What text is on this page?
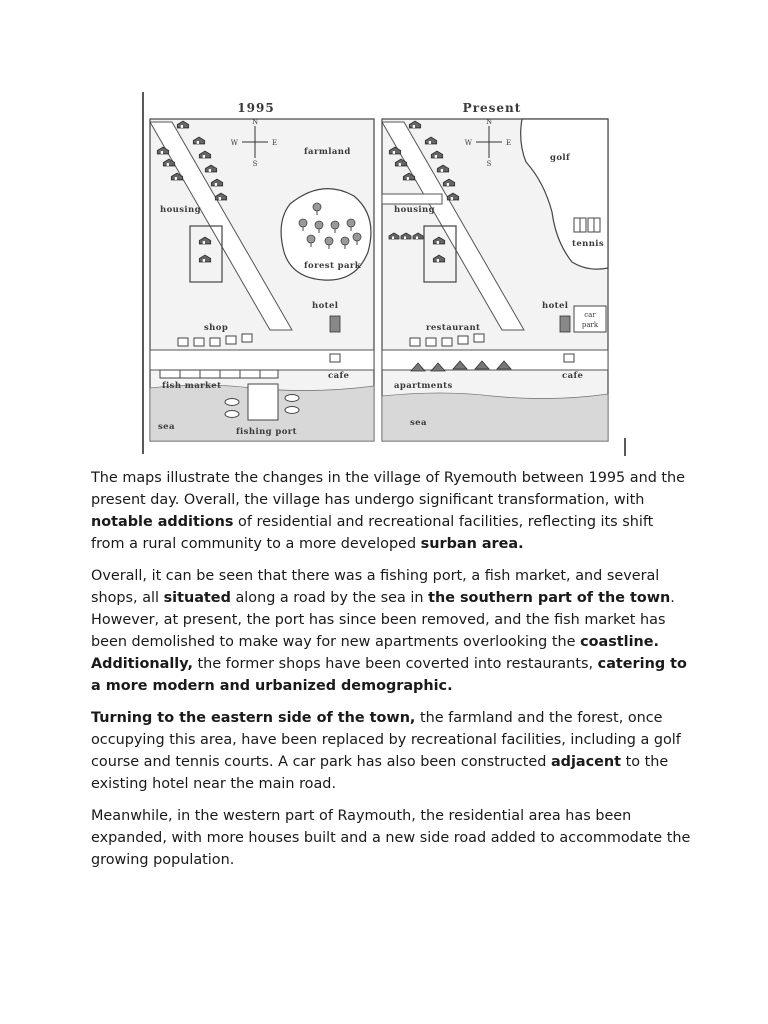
1995
N
S
W	E
housing
farmland
forest park
hotel
shop
cafe
fish market
sea	fishing port
Present
golf
tennis
N
S
W	E
housing
hotel
car
park
restaurant
cafe
apartments
sea

The maps illustrate the changes in the village of Ryemouth between 1995 and the present day. Overall, the village has undergo significant transformation, with notable additions of residential and recreational facilities, reflecting its shift from a rural community to a more developed surban area.

Overall, it can be seen that there was a fishing port, a fish market, and several shops, all situated along a road by the sea in the southern part of the town. However, at present, the port has since been removed, and the fish market has been demolished to make way for new apartments overlooking the coastline. Additionally, the former shops have been coverted into restaurants, catering to a more modern and urbanized demographic.

Turning to the eastern side of the town, the farmland and the forest, once occupying this area, have been replaced by recreational facilities, including a golf course and tennis courts. A car park has also been constructed adjacent to the existing hotel near the main road.

Meanwhile, in the western part of Raymouth, the residential area has been expanded, with more houses built and a new side road added to accommodate the growing population.
